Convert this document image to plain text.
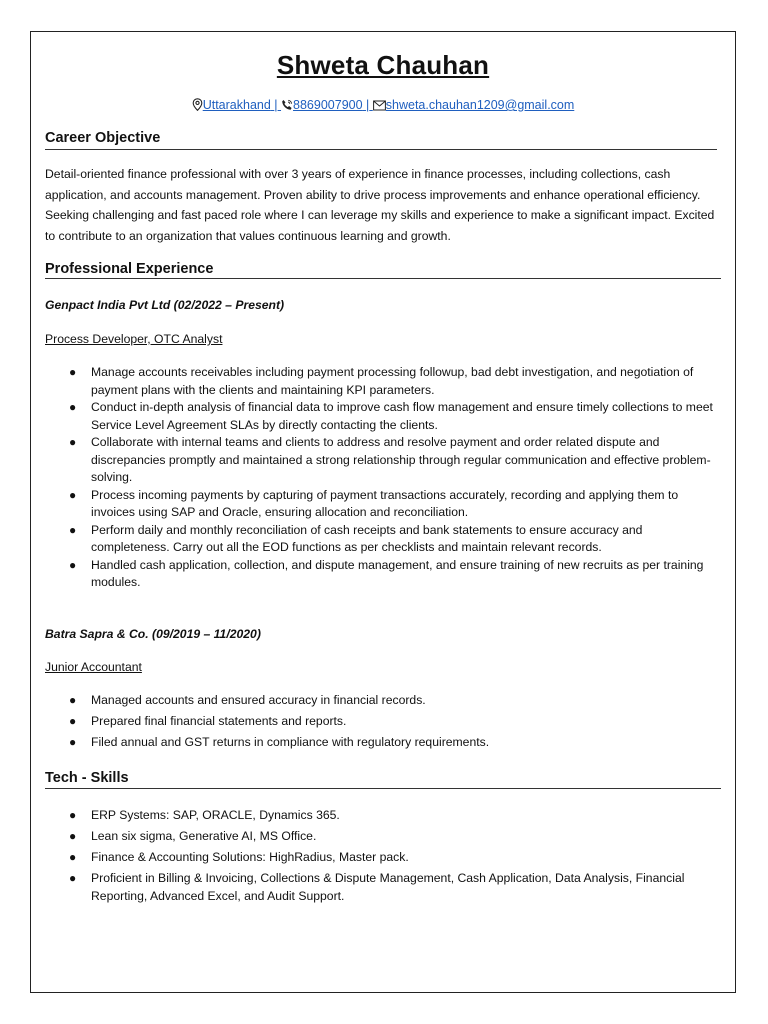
Shweta Chauhan
Uttarakhand | 8869007900 | shweta.chauhan1209@gmail.com
Career Objective
Detail-oriented finance professional with over 3 years of experience in finance processes, including collections, cash application, and accounts management. Proven ability to drive process improvements and enhance operational efficiency. Seeking challenging and fast paced role where I can leverage my skills and experience to make a significant impact. Excited to contribute to an organization that values continuous learning and growth.
Professional Experience
Genpact India Pvt Ltd (02/2022 – Present)
Process Developer, OTC Analyst
● Manage accounts receivables including payment processing followup, bad debt investigation, and negotiation of payment plans with the clients and maintaining KPI parameters.
● Conduct in-depth analysis of financial data to improve cash flow management and ensure timely collections to meet Service Level Agreement SLAs by directly contacting the clients.
● Collaborate with internal teams and clients to address and resolve payment and order related dispute and discrepancies promptly and maintained a strong relationship through regular communication and effective problem-solving.
● Process incoming payments by capturing of payment transactions accurately, recording and applying them to invoices using SAP and Oracle, ensuring allocation and reconciliation.
● Perform daily and monthly reconciliation of cash receipts and bank statements to ensure accuracy and completeness. Carry out all the EOD functions as per checklists and maintain relevant records.
● Handled cash application, collection, and dispute management, and ensure training of new recruits as per training modules.
Batra Sapra & Co. (09/2019 – 11/2020)
Junior Accountant
● Managed accounts and ensured accuracy in financial records.
● Prepared final financial statements and reports.
● Filed annual and GST returns in compliance with regulatory requirements.
Tech - Skills
● ERP Systems: SAP, ORACLE, Dynamics 365.
● Lean six sigma, Generative AI, MS Office.
● Finance & Accounting Solutions: HighRadius, Master pack.
● Proficient in Billing & Invoicing, Collections & Dispute Management, Cash Application, Data Analysis, Financial Reporting, Advanced Excel, and Audit Support.
